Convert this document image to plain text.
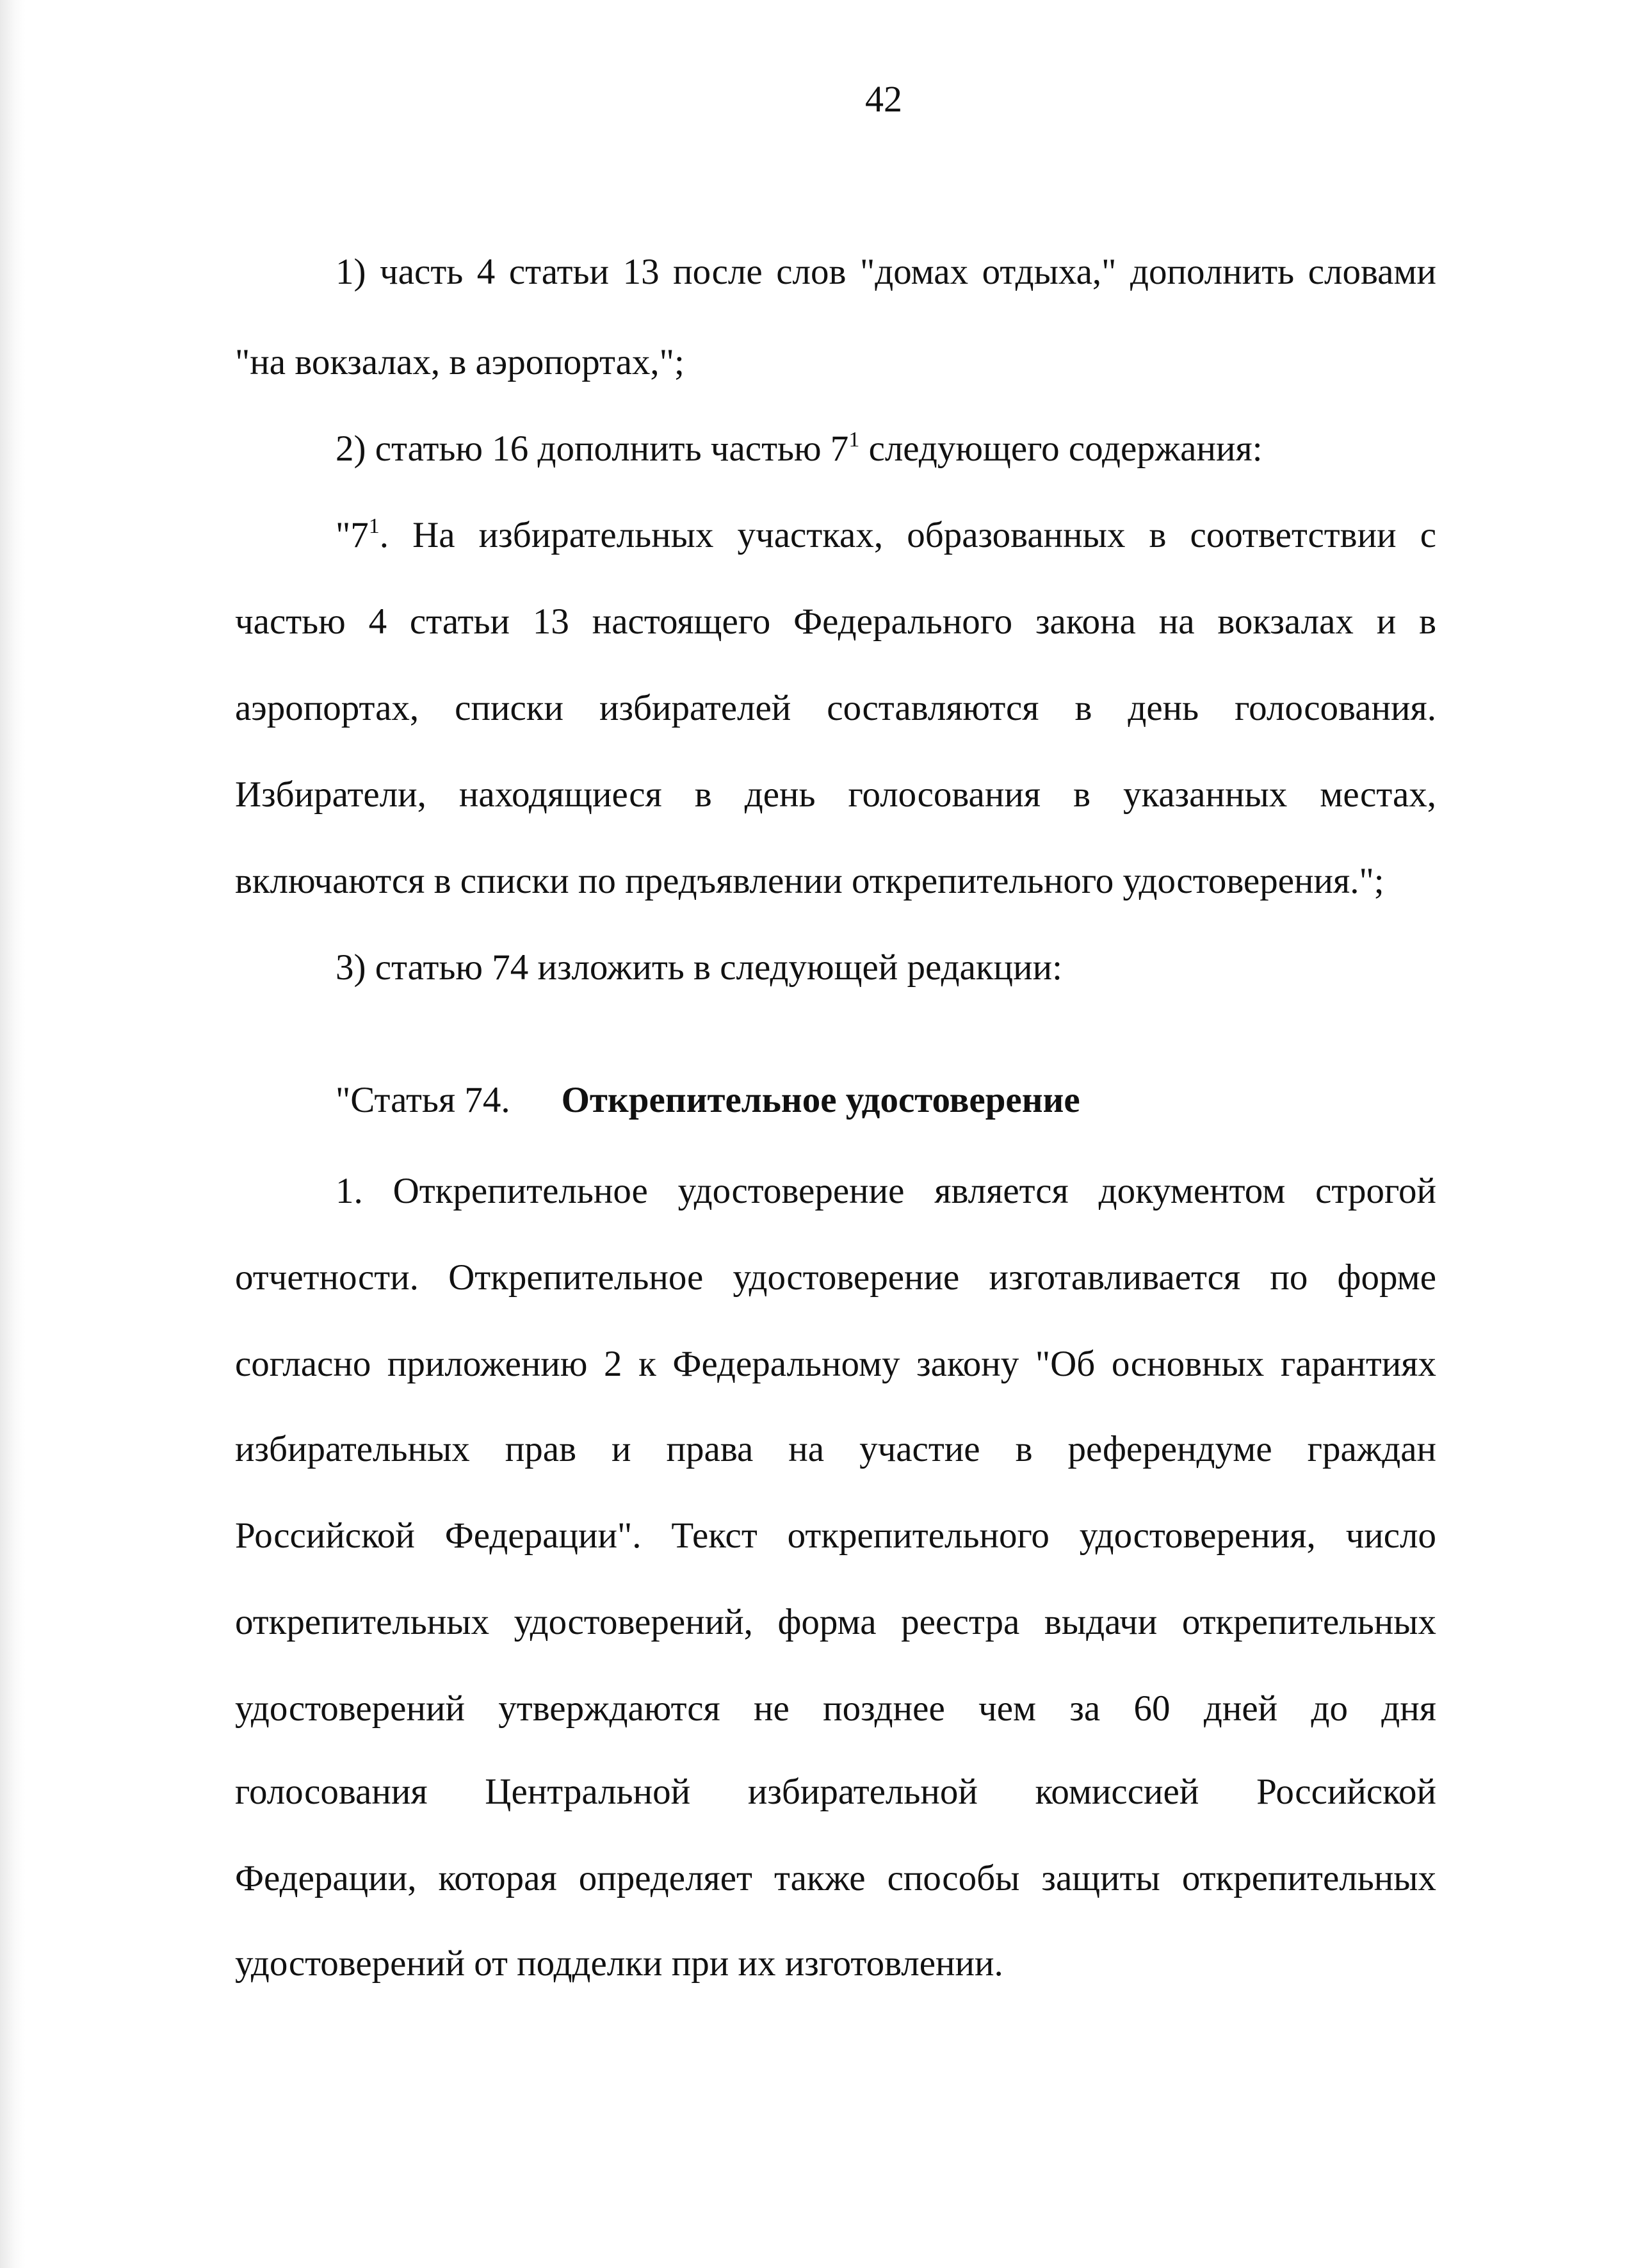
42
1) часть 4 статьи 13 после слов "домах отдыха," дополнить словами
"на вокзалах, в аэропортах,";
2) статью 16 дополнить частью $7^1$ следующего содержания:
"$7^1$. На избирательных участках, образованных в соответствии с
частью 4 статьи 13 настоящего Федерального закона на вокзалах и в
аэропортах, списки избирателей составляются в день голосования.
Избиратели, находящиеся в день голосования в указанных местах,
включаются в списки по предъявлении открепительного удостоверения.";
3) статью 74 изложить в следующей редакции:
"Статья 74. Открепительное удостоверение
1. Открепительное удостоверение является документом строгой
отчетности. Открепительное удостоверение изготавливается по форме
согласно приложению 2 к Федеральному закону "Об основных гарантиях
избирательных прав и права на участие в референдуме граждан
Российской Федерации". Текст открепительного удостоверения, число
открепительных удостоверений, форма реестра выдачи открепительных
удостоверений утверждаются не позднее чем за 60 дней до дня
голосования Центральной избирательной комиссией Российской
Федерации, которая определяет также способы защиты открепительных
удостоверений от подделки при их изготовлении.
